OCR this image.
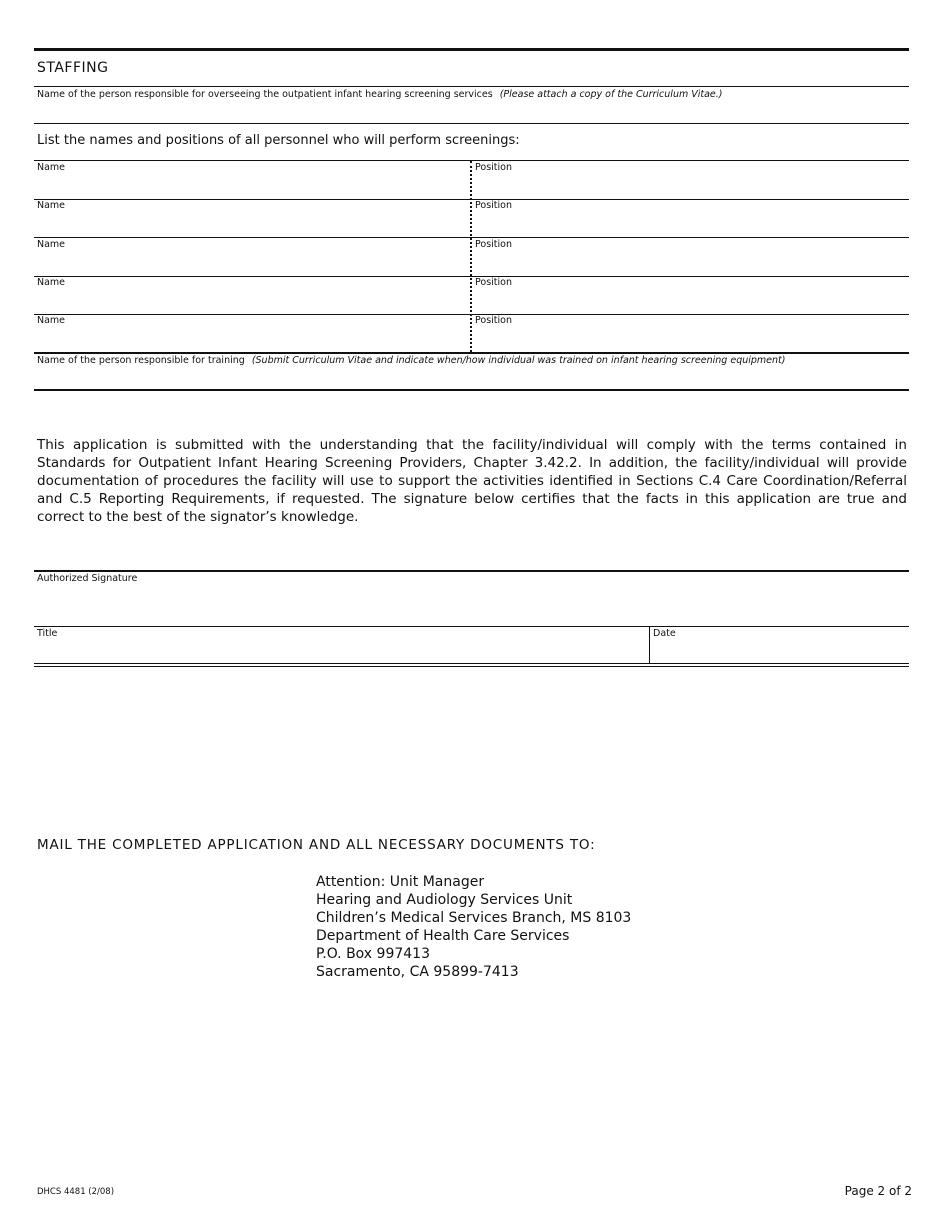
STAFFING
Name of the person responsible for overseeing the outpatient infant hearing screening services (Please attach a copy of the Curriculum Vitae.)
List the names and positions of all personnel who will perform screenings:
Name	Position
Name	Position
Name	Position
Name	Position
Name	Position
Name of the person responsible for training (Submit Curriculum Vitae and indicate when/how individual was trained on infant hearing screening equipment)
This application is submitted with the understanding that the facility/individual will comply with the terms contained in Standards for Outpatient Infant Hearing Screening Providers, Chapter 3.42.2. In addition, the facility/individual will provide documentation of procedures the facility will use to support the activities identified in Sections C.4 Care Coordination/Referral and C.5 Reporting Requirements, if requested. The signature below certifies that the facts in this application are true and correct to the best of the signator’s knowledge.
Authorized Signature
Title	Date
MAIL THE COMPLETED APPLICATION AND ALL NECESSARY DOCUMENTS TO:
Attention: Unit Manager
Hearing and Audiology Services Unit
Children’s Medical Services Branch, MS 8103
Department of Health Care Services
P.O. Box 997413
Sacramento, CA 95899-7413
DHCS 4481 (2/08)	Page 2 of 2
